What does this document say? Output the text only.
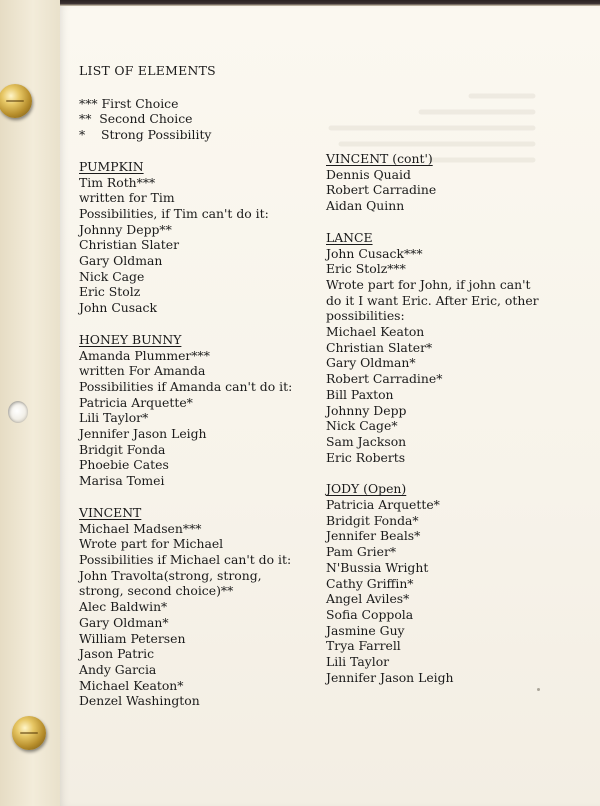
LIST OF ELEMENTS
*** First Choice
**  Second Choice
*    Strong Possibility
PUMPKIN
Tim Roth***
written for Tim
Possibilities, if Tim can't do it:
Johnny Depp**
Christian Slater
Gary Oldman
Nick Cage
Eric Stolz
John Cusack
HONEY BUNNY
Amanda Plummer***
written For Amanda
Possibilities if Amanda can't do it:
Patricia Arquette*
Lili Taylor*
Jennifer Jason Leigh
Bridgit Fonda
Phoebie Cates
Marisa Tomei
VINCENT
Michael Madsen***
Wrote part for Michael
Possibilities if Michael can't do it:
John Travolta(strong, strong, strong, second choice)**
Alec Baldwin*
Gary Oldman*
William Petersen
Jason Patric
Andy Garcia
Michael Keaton*
Denzel Washington
VINCENT (cont')
Dennis Quaid
Robert Carradine
Aidan Quinn
LANCE
John Cusack***
Eric Stolz***
Wrote part for John, if john can't do it I want Eric. After Eric, other possibilities:
Michael Keaton
Christian Slater*
Gary Oldman*
Robert Carradine*
Bill Paxton
Johnny Depp
Nick Cage*
Sam Jackson
Eric Roberts
JODY (Open)
Patricia Arquette*
Bridgit Fonda*
Jennifer Beals*
Pam Grier*
N'Bussia Wright
Cathy Griffin*
Angel Aviles*
Sofia Coppola
Jasmine Guy
Trya Farrell
Lili Taylor
Jennifer Jason Leigh
